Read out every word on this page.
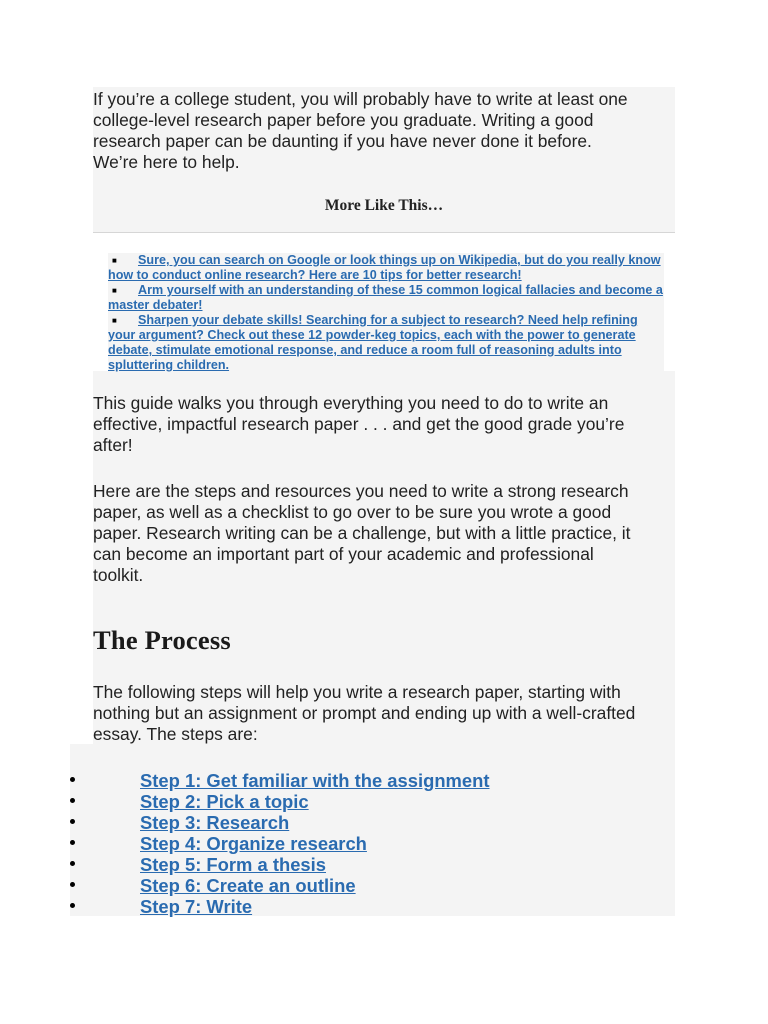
If you’re a college student, you will probably have to write at least one
college-level research paper before you graduate. Writing a good
research paper can be daunting if you have never done it before.
We’re here to help.
More Like This…
■	Sure, you can search on Google or look things up on Wikipedia, but do you really know how to conduct online research? Here are 10 tips for better research!
■	Arm yourself with an understanding of these 15 common logical fallacies and become a master debater!
■	Sharpen your debate skills! Searching for a subject to research? Need help refining your argument? Check out these 12 powder-keg topics, each with the power to generate debate, stimulate emotional response, and reduce a room full of reasoning adults into spluttering children.
This guide walks you through everything you need to do to write an
effective, impactful research paper . . . and get the good grade you’re
after!
Here are the steps and resources you need to write a strong research
paper, as well as a checklist to go over to be sure you wrote a good
paper. Research writing can be a challenge, but with a little practice, it
can become an important part of your academic and professional
toolkit.
The Process
The following steps will help you write a research paper, starting with
nothing but an assignment or prompt and ending up with a well-crafted
essay. The steps are:
Step 1: Get familiar with the assignment
Step 2: Pick a topic
Step 3: Research
Step 4: Organize research
Step 5: Form a thesis
Step 6: Create an outline
Step 7: Write
